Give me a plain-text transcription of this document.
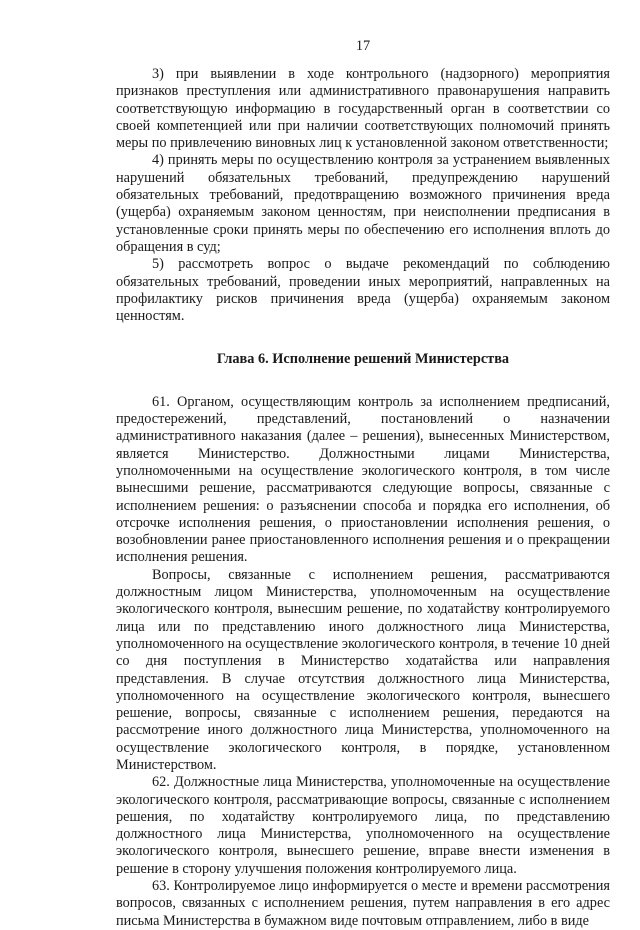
17

3) при выявлении в ходе контрольного (надзорного) мероприятия признаков преступления или административного правонарушения направить соответствующую информацию в государственный орган в соответствии со своей компетенцией или при наличии соответствующих полномочий принять меры по привлечению виновных лиц к установленной законом ответственности;

4) принять меры по осуществлению контроля за устранением выявленных нарушений обязательных требований, предупреждению нарушений обязательных требований, предотвращению возможного причинения вреда (ущерба) охраняемым законом ценностям, при неисполнении предписания в установленные сроки принять меры по обеспечению его исполнения вплоть до обращения в суд;

5) рассмотреть вопрос о выдаче рекомендаций по соблюдению обязательных требований, проведении иных мероприятий, направленных на профилактику рисков причинения вреда (ущерба) охраняемым законом ценностям.

Глава 6. Исполнение решений Министерства

61. Органом, осуществляющим контроль за исполнением предписаний, предостережений, представлений, постановлений о назначении административного наказания (далее – решения), вынесенных Министерством, является Министерство. Должностными лицами Министерства, уполномоченными на осуществление экологического контроля, в том числе вынесшими решение, рассматриваются следующие вопросы, связанные с исполнением решения: о разъяснении способа и порядка его исполнения, об отсрочке исполнения решения, о приостановлении исполнения решения, о возобновлении ранее приостановленного исполнения решения и о прекращении исполнения решения.

Вопросы, связанные с исполнением решения, рассматриваются должностным лицом Министерства, уполномоченным на осуществление экологического контроля, вынесшим решение, по ходатайству контролируемого лица или по представлению иного должностного лица Министерства, уполномоченного на осуществление экологического контроля, в течение 10 дней со дня поступления в Министерство ходатайства или направления представления. В случае отсутствия должностного лица Министерства, уполномоченного на осуществление экологического контроля, вынесшего решение, вопросы, связанные с исполнением решения, передаются на рассмотрение иного должностного лица Министерства, уполномоченного на осуществление экологического контроля, в порядке, установленном Министерством.

62. Должностные лица Министерства, уполномоченные на осуществление экологического контроля, рассматривающие вопросы, связанные с исполнением решения, по ходатайству контролируемого лица, по представлению должностного лица Министерства, уполномоченного на осуществление экологического контроля, вынесшего решение, вправе внести изменения в решение в сторону улучшения положения контролируемого лица.

63. Контролируемое лицо информируется о месте и времени рассмотрения вопросов, связанных с исполнением решения, путем направления в его адрес письма Министерства в бумажном виде почтовым отправлением, либо в виде
